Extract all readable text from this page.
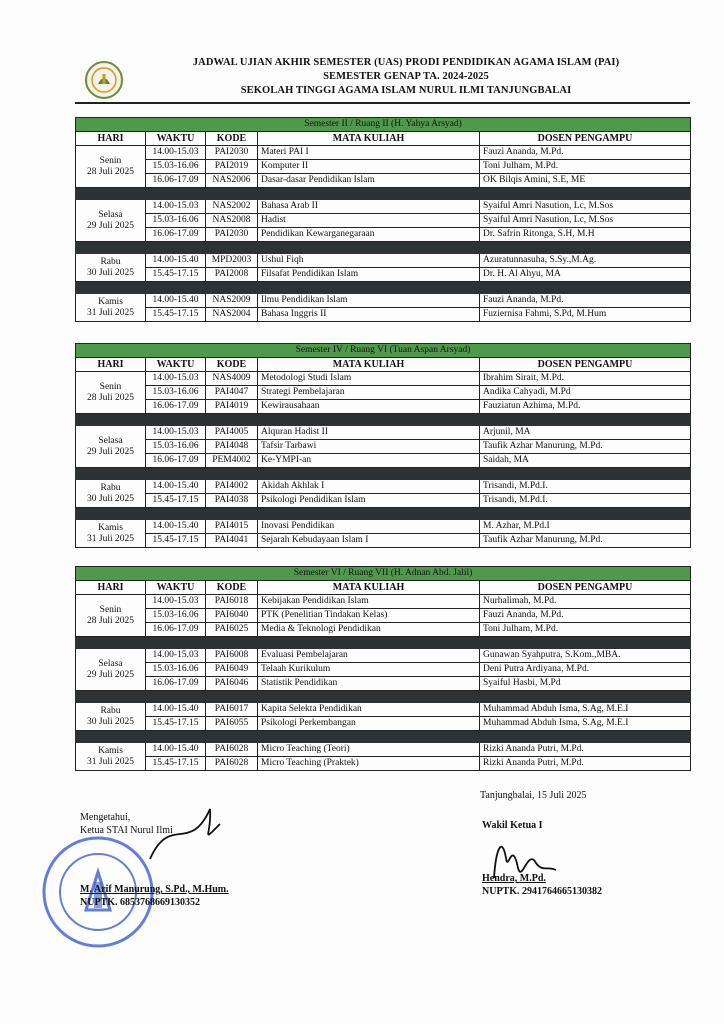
JADWAL UJIAN AKHIR SEMESTER (UAS) PRODI PENDIDIKAN AGAMA ISLAM (PAI)
SEMESTER GENAP TA. 2024-2025
SEKOLAH TINGGI AGAMA ISLAM NURUL ILMI TANJUNGBALAI
Semester II / Ruang II (H. Yahya Arsyad)				
HARI	WAKTU	KODE	MATA KULIAH	DOSEN PENGAMPU

Senin
28 Juli 2025	14.00-15.03	PAI2030	Materi PAI I	Fauzi Ananda, M.Pd.
	15.03-16.06	PAI2019	Komputer II	Toni Julham, M.Pd.
	16.06-17.09	NAS2006	Dasar-dasar Pendidikan Islam	OK Bilqis Amini, S.E, ME

Selasa
29 Juli 2025	14.00-15.03	NAS2002	Bahasa Arab II	Syaiful Amri Nasution, Lc, M.Sos
	15.03-16.06	NAS2008	Hadist	Syaiful Amri Nasution, Lc, M.Sos
	16.06-17.09	PAI2030	Pendidikan Kewarganegaraan	Dr. Safrin Ritonga, S.H, M.H

Rabu
30 Juli 2025	14.00-15.40	MPD2003	Ushul Fiqh	Azuratunnasuha, S.Sy.,M.Ag.
	15.45-17.15	PAI2008	Filsafat Pendidikan Islam	Dr. H. Al Ahyu, MA

Kamis
31 Juli 2025	14.00-15.40	NAS2009	Ilmu Pendidikan Islam	Fauzi Ananda, M.Pd.
	15.45-17.15	NAS2004	Bahasa Inggris II	Fuziernisa Fahmi, S.Pd, M.Hum
Semester IV / Ruang VI (Tuan Aspan Arsyad)				
HARI	WAKTU	KODE	MATA KULIAH	DOSEN PENGAMPU

Senin
28 Juli 2025	14.00-15.03	NAS4009	Metodologi Studi Islam	Ibrahim Sirait, M.Pd.
	15.03-16.06	PAI4047	Strategi Pembelajaran	Andika Cahyadi, M.Pd
	16.06-17.09	PAI4019	Kewirausahaan	Fauziatun Azhima, M.Pd.

Selasa
29 Juli 2025	14.00-15.03	PAI4005	Alquran Hadist II	Arjunil, MA
	15.03-16.06	PAI4048	Tafsir Tarbawi	Taufik Azhar Manurung, M.Pd.
	16.06-17.09	PEM4002	Ke-YMPI-an	Saidah, MA

Rabu
30 Juli 2025	14.00-15.40	PAI4002	Akidah Akhlak I	Trisandi, M.Pd.I.
	15.45-17.15	PAI4038	Psikologi Pendidikan Islam	Trisandi, M.Pd.I.

Kamis
31 Juli 2025	14.00-15.40	PAI4015	Inovasi Pendidikan	M. Azhar, M.Pd.I
	15.45-17.15	PAI4041	Sejarah Kebudayaan Islam I	Taufik Azhar Manurung, M.Pd.
Semester VI / Ruang VII (H. Adnan Abd. Jalil)				
HARI	WAKTU	KODE	MATA KULIAH	DOSEN PENGAMPU

Senin
28 Juli 2025	14.00-15.03	PAI6018	Kebijakan Pendidikan Islam	Nurhalimah, M.Pd.
	15.03-16.06	PAI6040	PTK (Penelitian Tindakan Kelas)	Fauzi Ananda, M.Pd.
	16.06-17.09	PAI6025	Media & Teknologi Pendidikan	Toni Julham, M.Pd.

Selasa
29 Juli 2025	14.00-15.03	PAI6008	Evaluasi Pembelajaran	Gunawan Syahputra, S.Kom.,MBA.
	15.03-16.06	PAI6049	Telaah Kurikulum	Deni Putra Ardiyana, M.Pd.
	16.06-17.09	PAI6046	Statistik Pendidikan	Syaiful Hasbi, M.Pd

Rabu
30 Juli 2025	14.00-15.40	PAI6017	Kapita Selekta Pendidikan	Muhammad Abduh Isma, S.Ag, M.E.I
	15.45-17.15	PAI6055	Psikologi Perkembangan	Muhammad Abduh Isma, S.Ag, M.E.I

Kamis
31 Juli 2025	14.00-15.40	PAI6028	Micro Teaching (Teori)	Rizki Ananda Putri, M.Pd.
	15.45-17.15	PAI6028	Micro Teaching (Praktek)	Rizki Ananda Putri, M.Pd.
Tanjungbalai, 15 Juli 2025
Mengetahui,
Ketua STAI Nurul Ilmi
M. Arif Manurung, S.Pd., M.Hum.
NUPTK. 6853768669130352
Wakil Ketua I
Hendra, M.Pd.
NUPTK. 2941764665130382
